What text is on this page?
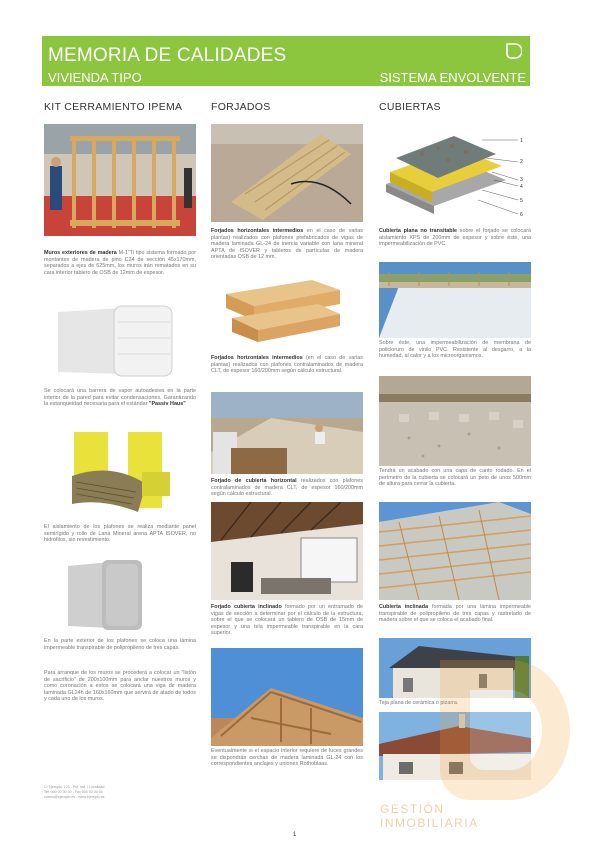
MEMORIA DE CALIDADES
VIVIENDA TIPO	SISTEMA ENVOLVENTE
KIT CERRAMIENTO IPEMA	FORJADOS	CUBIERTAS
Muros exteriores de madera M-1"Ti tipo sistema formado por montantes de madera de pino C24 de sección 45x170mm, separados a ejes de 625mm, los muros irán rematados en su cara interior tablero de OSB de 12mm de espesor.
Se colocará una barrera de vapor autoadesiva en la parte interior de la pared para evitar condensaciones. Garantizando la estanqueidad necesaria para el estándar "Passiv Haus"
El aislamiento de los plafones se realiza mediante panel semirígido y rollo de Lana Mineral arena APTA ISOVER, no hidrófilos, sin revestimiento.
En la parte exterior de los plafones se coloca una lámina impermeable transpirable de polipropileno de tres capas.
Para arranque de los muros se procederá a colocar un "listón de sacrificio" de 200x100mm para anclar nuestros muros y como coronación a estos se colocará una viga de madera laminada GL24h de 160x160mm que servirá de atado de todos y cada uno de los muros.
C/ Ejemplo, 123 - Pol. Ind. / Localidad
Tel. 000 00 00 00 - Fax 000 00 00 00
correo@ejemplo.es - www.ejemplo.es
Forjados horizontales intermedios en el caso de varias plantas) realizados con plafones prefabricados de vigas de madera laminada GL-24 de inercia variable con lana mineral APTA de ISOVER y tableros de partículas de madera orientadas OSB de 12 mm.
Forjados horizontales intermedios (en el caso de varias plantas) realizados con plafones contralaminados de madera CLT, de espesor 160/200mm según cálculo estructural.
Forjado de cubierta horizontal realizados con plafones contralaminados de madera CLT, de espesor 160/200mm según cálculo estructural.
Forjado cubierta inclinado formado por un entramado de vigas de sección a determinar por el cálculo de la estructura, sobre el que se colocará un tablero de OSB de 15mm de espesor y una tela impermeable transpirable en la cara superior.
Eventualmente si el espacio interior requiere de luces grandes se dispondrán cerchas de madera laminada GL-24 con los correspondientes anclajes y uniones Rothoblaas.
1
2
3
4
5
6
Cubierta plana no transitable sobre el forjado se colocará aislamiento XPS de 200mm de espesor y sobre éste, una impermeabilización de PVC.
Sobre éste, una impermeabilización de membrana de policloruro de vinilo PVC. Resistente al desgarro, a la humedad, al calor y a los microorganismos.
Tendrá un acabado con una capa de canto rodado. En el perímetro de la cubierta se colocará un peto de unos 500mm de altura para cerrar la cubierta.
Cubierta inclinada formada por una lámina impermeable transpirable de polipropileno de tres capas y rastrelado de madera sobre el que se coloca el acabado final.
Teja plana de cerámica o pizarra.
GESTIÓN
INMOBILIARIA
1
